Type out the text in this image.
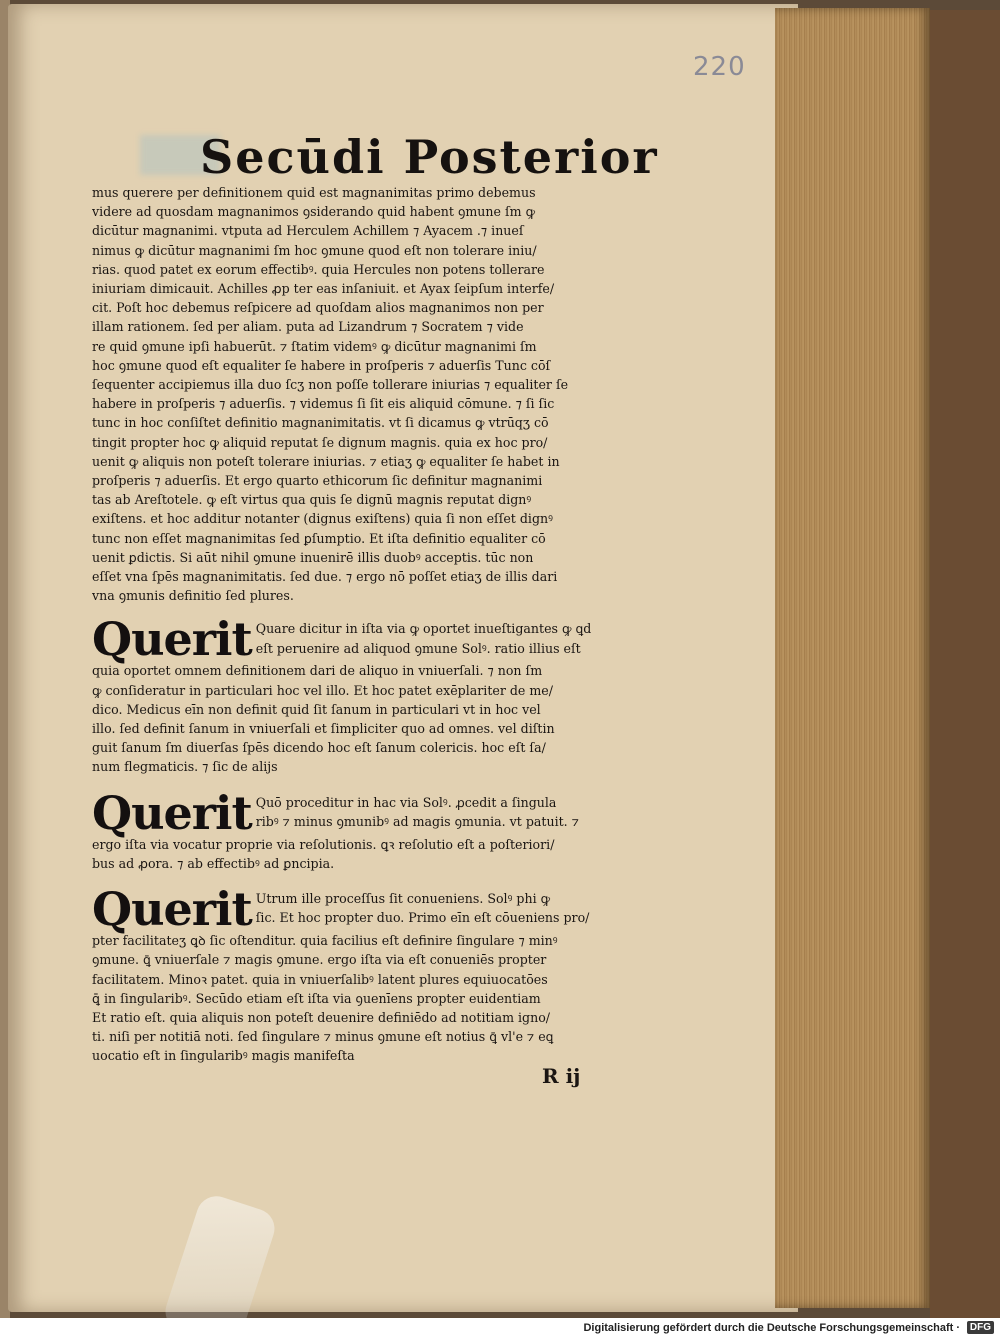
220
Secūdi Posterior

mus querere per definitionem quid est magnanimitas primo debemus
videre ad quosdam magnanimos ꝯsiderando quid habent ꝯmune ſm ꝙ
dicūtur magnanimi. vtputa ad Herculem Achillem ⁊ Ayacem .⁊ inueſ
nimus ꝙ dicūtur magnanimi ſm hoc ꝯmune quod eſt non tolerare iniu/
rias. quod patet ex eorum effectibꝰ. quia Hercules non potens tollerare
iniuriam dimicauit. Achilles ꝓp ter eas inſaniuit. et Ayax ſeipſum interfe/
cit. Poſt hoc debemus reſpicere ad quoſdam alios magnanimos non per
illam rationem. ſed per aliam. puta ad Lizandrum ⁊ Socratem ⁊ vide
re quid ꝯmune ipſi habuerūt. ⁊ ſtatim videmꝰ ꝙ dicūtur magnanimi ſm
hoc ꝯmune quod eſt equaliter ſe habere in proſperis ⁊ aduerſis Tunc cōſ
ſequenter accipiemus illa duo ſcʒ non poſſe tollerare iniurias ⁊ equaliter ſe
habere in proſperis ⁊ aduerſis. ⁊ videmus ſi ſit eis aliquid cōmune. ⁊ ſi ſic
tunc in hoc conſiſtet definitio magnanimitatis. vt ſi dicamus ꝙ vtrūqʒ cō
tingit propter hoc ꝙ aliquid reputat ſe dignum magnis. quia ex hoc pro/
uenit ꝙ aliquis non poteſt tolerare iniurias. ⁊ etiaʒ ꝙ equaliter ſe habet in
proſperis ⁊ aduerſis. Et ergo quarto ethicorum ſic definitur magnanimi
tas ab Areſtotele. ꝙ eſt virtus qua quis ſe dignū magnis reputat dignꝰ
exiſtens. et hoc additur notanter (dignus exiſtens) quia ſi non eſſet dignꝰ
tunc non eſſet magnanimitas ſed ꝑſumptio. Et iſta definitio equaliter cō
uenit ꝑdictis. Si aūt nihil ꝯmune inuenirē illis duobꝰ acceptis. tūc non
eſſet vna ſpēs magnanimitatis. ſed due. ⁊ ergo nō poſſet etiaʒ de illis dari
vna ꝯmunis definitio ſed plures.

Querit Quare dicitur in iſta via ꝙ oportet inueſtigantes ꝙ ꝗd
eſt peruenire ad aliquod ꝯmune Solꝰ. ratio illius eſt

quia oportet omnem definitionem dari de aliquo in vniuerſali. ⁊ non ſm
ꝙ conſideratur in particulari hoc vel illo. Et hoc patet exēplariter de me/
dico. Medicus eīn non definit quid ſit ſanum in particulari vt in hoc vel
illo. ſed definit ſanum in vniuerſali et ſimpliciter quo ad omnes. vel diſtin
guit ſanum ſm diuerſas ſpēs dicendo hoc eſt ſanum colericis. hoc eſt ſa/
num flegmaticis. ⁊ ſic de alijs

Querit Quō proceditur in hac via Solꝰ. ꝓcedit a ſingula
ribꝰ ⁊ minus ꝯmunibꝰ ad magis ꝯmunia. vt patuit. ⁊

ergo iſta via vocatur proprie via reſolutionis. ꝗꝛ reſolutio eſt a poſteriori/
bus ad ꝓora. ⁊ ab effectibꝰ ad ꝑncipia.

Querit Utrum ille proceſſus ſit conueniens. Solꝰ phi ꝙ
ſic. Et hoc propter duo. Primo eīn eſt cōueniens pro/

pter facilitateʒ ꝗꝺ ſic oſtenditur. quia facilius eſt definire ſingulare ⁊ minꝰ
ꝯmune. ꝗ̄ vniuerſale ⁊ magis ꝯmune. ergo iſta via eſt conueniēs propter
facilitatem. Minoꝛ patet. quia in vniuerſalibꝰ latent plures equiuocatōes
ꝗ̄ in ſingularibꝰ. Secūdo etiam eſt iſta via ꝯuenīens propter euidentiam
Et ratio eſt. quia aliquis non poteſt deuenire definiēdo ad notitiam igno/
ti. niſi per notitiā noti. ſed ſingulare ⁊ minus ꝯmune eſt notius ꝗ̄ vl'e ⁊ eꝗ
uocatio eſt in ſingularibꝰ magis manifeſta

R ij
Digitalisierung gefördert durch die Deutsche Forschungsgemeinschaft · DFG
